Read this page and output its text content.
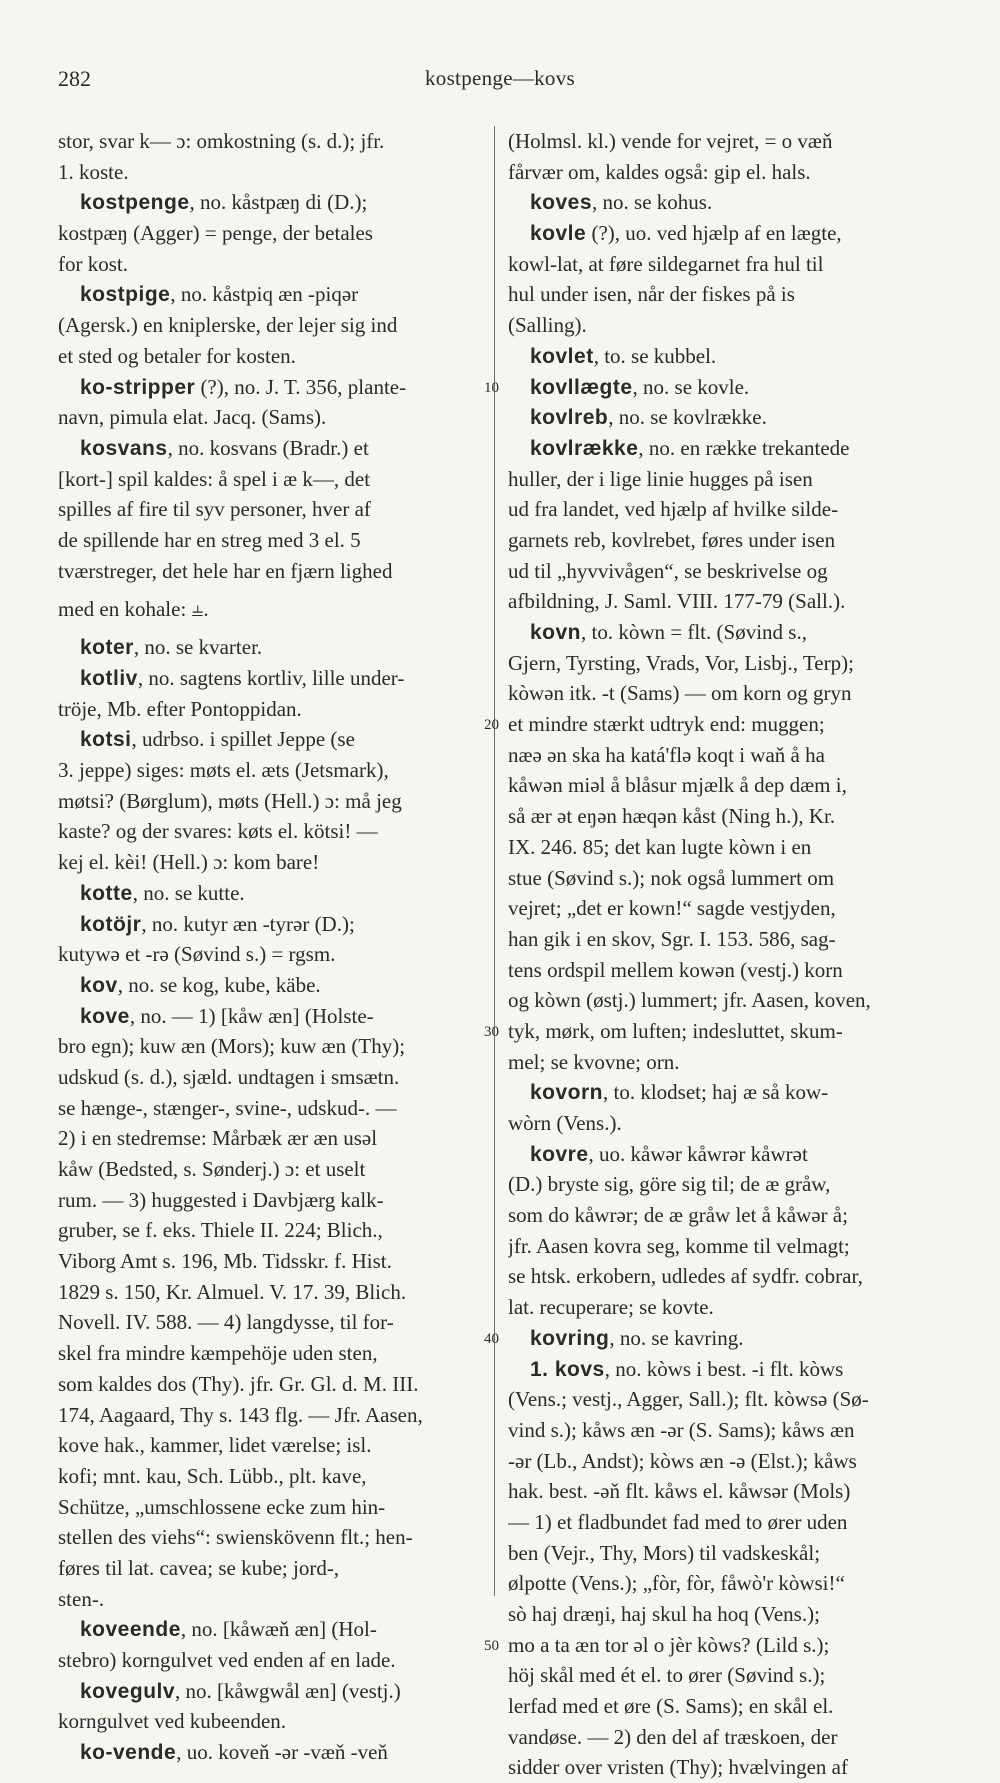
282	kostpenge—kovs
stor, svar k— ɔ: omkostning (s. d.); jfr.
1. koste.
kostpenge, no. kåstpæŋ di (D.);
kostpæŋ (Agger) = penge, der betales
for kost.
kostpige, no. kåstpiq æn -piqər
(Agersk.) en kniplerske, der lejer sig ind
et sted og betaler for kosten.
ko-stripper (?), no. J. T. 356, plante-
navn, pimula elat. Jacq. (Sams).
kosvans, no. kosvans (Bradr.) et
[kort-] spil kaldes: å spel i æ k—, det
spilles af fire til syv personer, hver af
de spillende har en streg med 3 el. 5
tværstreger, det hele har en fjærn lighed
med en kohale: ⫨.
koter, no. se kvarter.
kotliv, no. sagtens kortliv, lille under-
tröje, Mb. efter Pontoppidan.
kotsi, udrbso. i spillet Jeppe (se
3. jeppe) siges: møts el. æts (Jetsmark),
møtsi? (Børglum), møts (Hell.) ɔ: må jeg
kaste? og der svares: køts el. kötsi! —
kej el. kèi! (Hell.) ɔ: kom bare!
kotte, no. se kutte.
kotöjr, no. kutyr æn -tyrər (D.);
kutywə et -rə (Søvind s.) = rgsm.
kov, no. se kog, kube, käbe.
kove, no. — 1) [kåw æn] (Holste-
bro egn); kuw æn (Mors); kuw æn (Thy);
udskud (s. d.), sjæld. undtagen i smsætn.
se hænge-, stænger-, svine-, udskud-. —
2) i en stedremse: Mårbæk ær æn usəl
kåw (Bedsted, s. Sønderj.) ɔ: et uselt
rum. — 3) huggested i Davbjærg kalk-
gruber, se f. eks. Thiele II. 224; Blich.,
Viborg Amt s. 196, Mb. Tidsskr. f. Hist.
1829 s. 150, Kr. Almuel. V. 17. 39, Blich.
Novell. IV. 588. — 4) langdysse, til for-
skel fra mindre kæmpehöje uden sten,
som kaldes dos (Thy). jfr. Gr. Gl. d. M. III.
174, Aagaard, Thy s. 143 flg. — Jfr. Aasen,
kove hak., kammer, lidet værelse; isl.
kofi; mnt. kau, Sch. Lübb., plt. kave,
Schütze, „umschlossene ecke zum hin-
stellen des viehs“: swienskövenn flt.; hen-
føres til lat. cavea; se kube; jord-,
sten-.
koveende, no. [kåwæň æn] (Hol-
stebro) korngulvet ved enden af en lade.
kovegulv, no. [kåwgwål æn] (vestj.)
korngulvet ved kubeenden.
ko-vende, uo. koveň -ər -væň -veň
(Holmsl. kl.) vende for vejret, = o væň
fårvær om, kaldes også: gip el. hals.
koves, no. se kohus.
kovle (?), uo. ved hjælp af en lægte,
kowl-lat, at føre sildegarnet fra hul til
hul under isen, når der fiskes på is
(Salling).
kovlet, to. se kubbel.
kovllægte, no. se kovle.
kovlreb, no. se kovlrække.
kovlrække, no. en række trekantede
huller, der i lige linie hugges på isen
ud fra landet, ved hjælp af hvilke silde-
garnets reb, kovlrebet, føres under isen
ud til „hyvvivågen“, se beskrivelse og
afbildning, J. Saml. VIII. 177-79 (Sall.).
kovn, to. kòwn = flt. (Søvind s.,
Gjern, Tyrsting, Vrads, Vor, Lisbj., Terp);
kòwən itk. -t (Sams) — om korn og gryn
et mindre stærkt udtryk end: muggen;
næə ən ska ha katá'flə koqt i waň å ha
kåwən miəl å blåsur mjælk å dep dæm i,
så ær ət eŋən hæqən kåst (Ning h.), Kr.
IX. 246. 85; det kan lugte kòwn i en
stue (Søvind s.); nok også lummert om
vejret; „det er kown!“ sagde vestjyden,
han gik i en skov, Sgr. I. 153. 586, sag-
tens ordspil mellem kowən (vestj.) korn
og kòwn (østj.) lummert; jfr. Aasen, koven,
tyk, mørk, om luften; indesluttet, skum-
mel; se kvovne; orn.
kovorn, to. klodset; haj æ så kow-
wòrn (Vens.).
kovre, uo. kåwər kåwrər kåwrət
(D.) bryste sig, göre sig til; de æ gråw,
som do kåwrər; de æ gråw let å kåwər å;
jfr. Aasen kovra seg, komme til velmagt;
se htsk. erkobern, udledes af sydfr. cobrar,
lat. recuperare; se kovte.
kovring, no. se kavring.
1. kovs, no. kòws i best. -i flt. kòws
(Vens.; vestj., Agger, Sall.); flt. kòwsə (Sø-
vind s.); kåws æn -ər (S. Sams); kåws æn
-ər (Lb., Andst); kòws æn -ə (Elst.); kåws
hak. best. -əň flt. kåws el. kåwsər (Mols)
— 1) et fladbundet fad med to ører uden
ben (Vejr., Thy, Mors) til vadskeskål;
ølpotte (Vens.); „fòr, fòr, fåwò'r kòwsi!“
sò haj dræŋi, haj skul ha hoq (Vens.);
mo a ta æn tor əl o jèr kòws? (Lild s.);
höj skål med ét el. to ører (Søvind s.);
lerfad med et øre (S. Sams); en skål el.
vandøse. — 2) den del af træskoen, der
sidder over vristen (Thy); hvælvingen af
10
20
30
40
50
